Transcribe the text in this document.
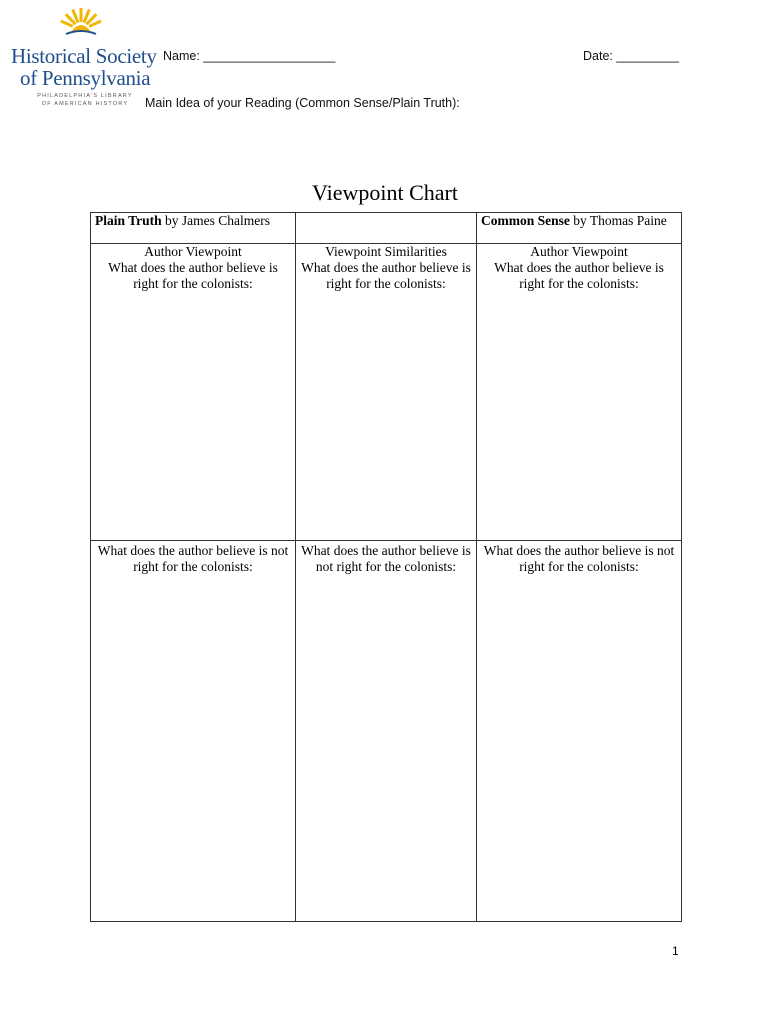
Historical Society
of Pennsylvania
PHILADELPHIA'S LIBRARY
OF AMERICAN HISTORY
Name: ___________________	Date: _________
Main Idea of your Reading (Common Sense/Plain Truth):
Viewpoint Chart
Plain Truth by James Chalmers		Common Sense by Thomas Paine
Author Viewpoint	Viewpoint Similarities	Author Viewpoint
What does the author believe is right for the colonists:	What does the author believe is right for the colonists:	What does the author believe is right for the colonists:
What does the author believe is not right for the colonists:	What does the author believe is not right for the colonists:	What does the author believe is not right for the colonists:
1
